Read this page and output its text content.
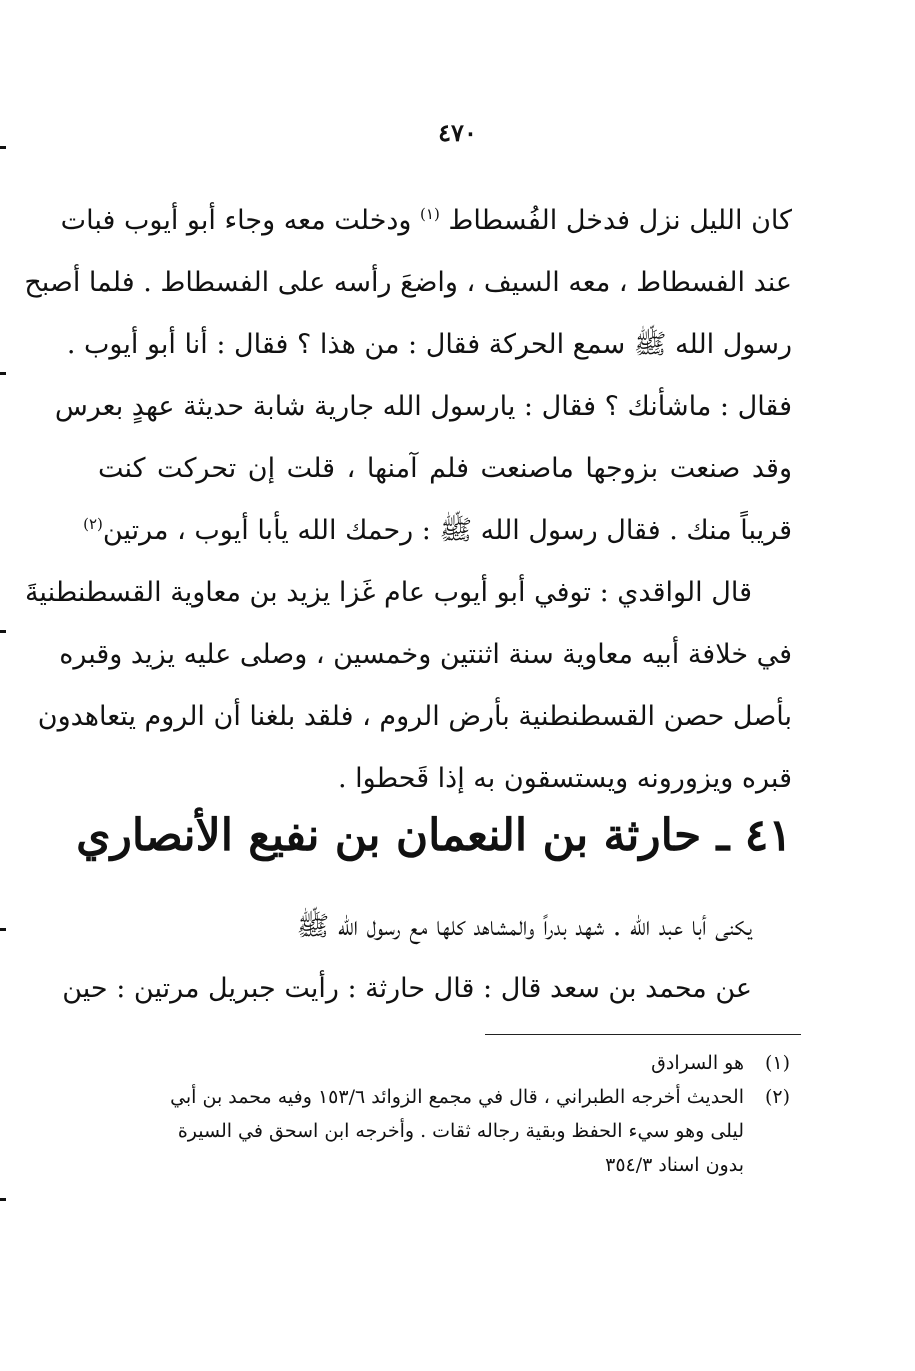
٤٧٠
كان الليل نزل فدخل الفُسطاط $^{(١)}$ ودخلت معه وجاء أبو أيوب فبات
عند الفسطاط ، معه السيف ، واضعَ رأسه على الفسطاط . فلما أصبح
رسول الله ﷺ سمع الحركة فقال : من هذا ؟ فقال : أنا أبو أيوب .
فقال : ماشأنك ؟ فقال : يارسول الله جارية شابة حديثة عهدٍ بعرس
وقد صنعت بزوجها ماصنعت فلم آمنها ، قلت إن تحركت كنت
قريباً منك . فقال رسول الله ﷺ : رحمك الله يأبا أيوب ، مرتين$^{(٢)}$
قال الواقدي : توفي أبو أيوب عام غَزا يزيد بن معاوية القسطنطنيةَ
في خلافة أبيه معاوية سنة اثنتين وخمسين ، وصلى عليه يزيد وقبره
بأصل حصن القسطنطنية بأرض الروم ، فلقد بلغنا أن الروم يتعاهدون
قبره ويزورونه ويستسقون به إذا قَحطوا .
٤١ ـ حارثة بن النعمان بن نفيع الأنصاري
يكنى أبا عبد الله . شهد بدراً والمشاهد كلها مع رسول الله ﷺ
عن محمد بن سعد قال : قال حارثة : رأيت جبريل مرتين : حين
(١)هو السرادق
(٢)الحديث أخرجه الطبراني ، قال في مجمع الزوائد ١٥٣/٦ وفيه محمد بن أبي
ليلى وهو سيء الحفظ وبقية رجاله ثقات . وأخرجه ابن اسحق في السيرة
بدون اسناد ٣٥٤/٣
